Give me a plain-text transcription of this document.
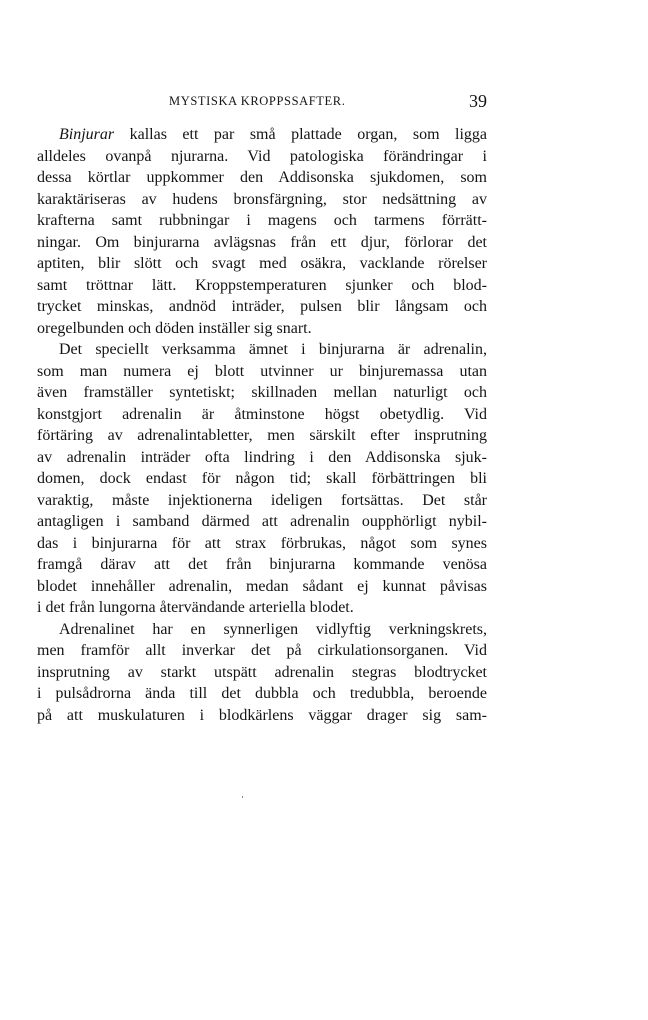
MYSTISKA KROPPSSAFTER.	39
Binjurar kallas ett par små plattade organ, som ligga
alldeles ovanpå njurarna. Vid patologiska förändringar i
dessa körtlar uppkommer den Addisonska sjukdomen, som
karaktäriseras av hudens bronsfärgning, stor nedsättning av
krafterna samt rubbningar i magens och tarmens förrätt-
ningar. Om binjurarna avlägsnas från ett djur, förlorar det
aptiten, blir slött och svagt med osäkra, vacklande rörelser
samt tröttnar lätt. Kroppstemperaturen sjunker och blod-
trycket minskas, andnöd inträder, pulsen blir långsam och
oregelbunden och döden inställer sig snart.
Det speciellt verksamma ämnet i binjurarna är adrenalin,
som man numera ej blott utvinner ur binjuremassa utan
även framställer syntetiskt; skillnaden mellan naturligt och
konstgjort adrenalin är åtminstone högst obetydlig. Vid
förtäring av adrenalintabletter, men särskilt efter insprutning
av adrenalin inträder ofta lindring i den Addisonska sjuk-
domen, dock endast för någon tid; skall förbättringen bli
varaktig, måste injektionerna ideligen fortsättas. Det står
antagligen i samband därmed att adrenalin oupphörligt nybil-
das i binjurarna för att strax förbrukas, något som synes
framgå därav att det från binjurarna kommande venösa
blodet innehåller adrenalin, medan sådant ej kunnat påvisas
i det från lungorna återvändande arteriella blodet.
Adrenalinet har en synnerligen vidlyftig verkningskrets,
men framför allt inverkar det på cirkulationsorganen. Vid
insprutning av starkt utspätt adrenalin stegras blodtrycket
i pulsådrorna ända till det dubbla och tredubbla, beroende
på att muskulaturen i blodkärlens väggar drager sig sam-
